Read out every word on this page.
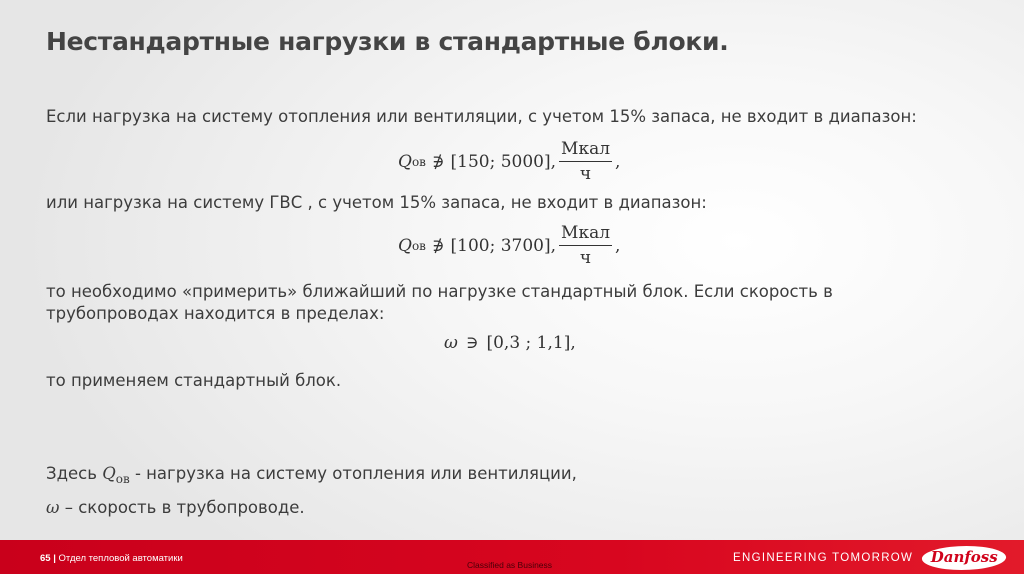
Нестандартные нагрузки в стандартные блоки.
Если нагрузка на систему отопления или вентиляции, с учетом 15% запаса, не входит в диапазон:
Q ов ∌ [150; 5000], $\frac{\text{Мкал}}{ч}$ ,
или нагрузка на систему ГВС , с учетом 15% запаса, не входит в диапазон:
Q ов ∌ [100; 3700], $\frac{\text{Мкал}}{ч}$ ,
то необходимо «примерить» ближайший по нагрузке стандартный блок. Если скорость в
трубопроводах находится в пределах:
ω ∋ [0,3 ; 1,1],
то применяем стандартный блок.
Здесь $Q_{ов}$ - нагрузка на систему отопления или вентиляции,
ω – скорость в трубопроводе.
65 | Отдел тепловой автоматики
Classified as Business
ENGINEERING TOMORROW	Danfoss
